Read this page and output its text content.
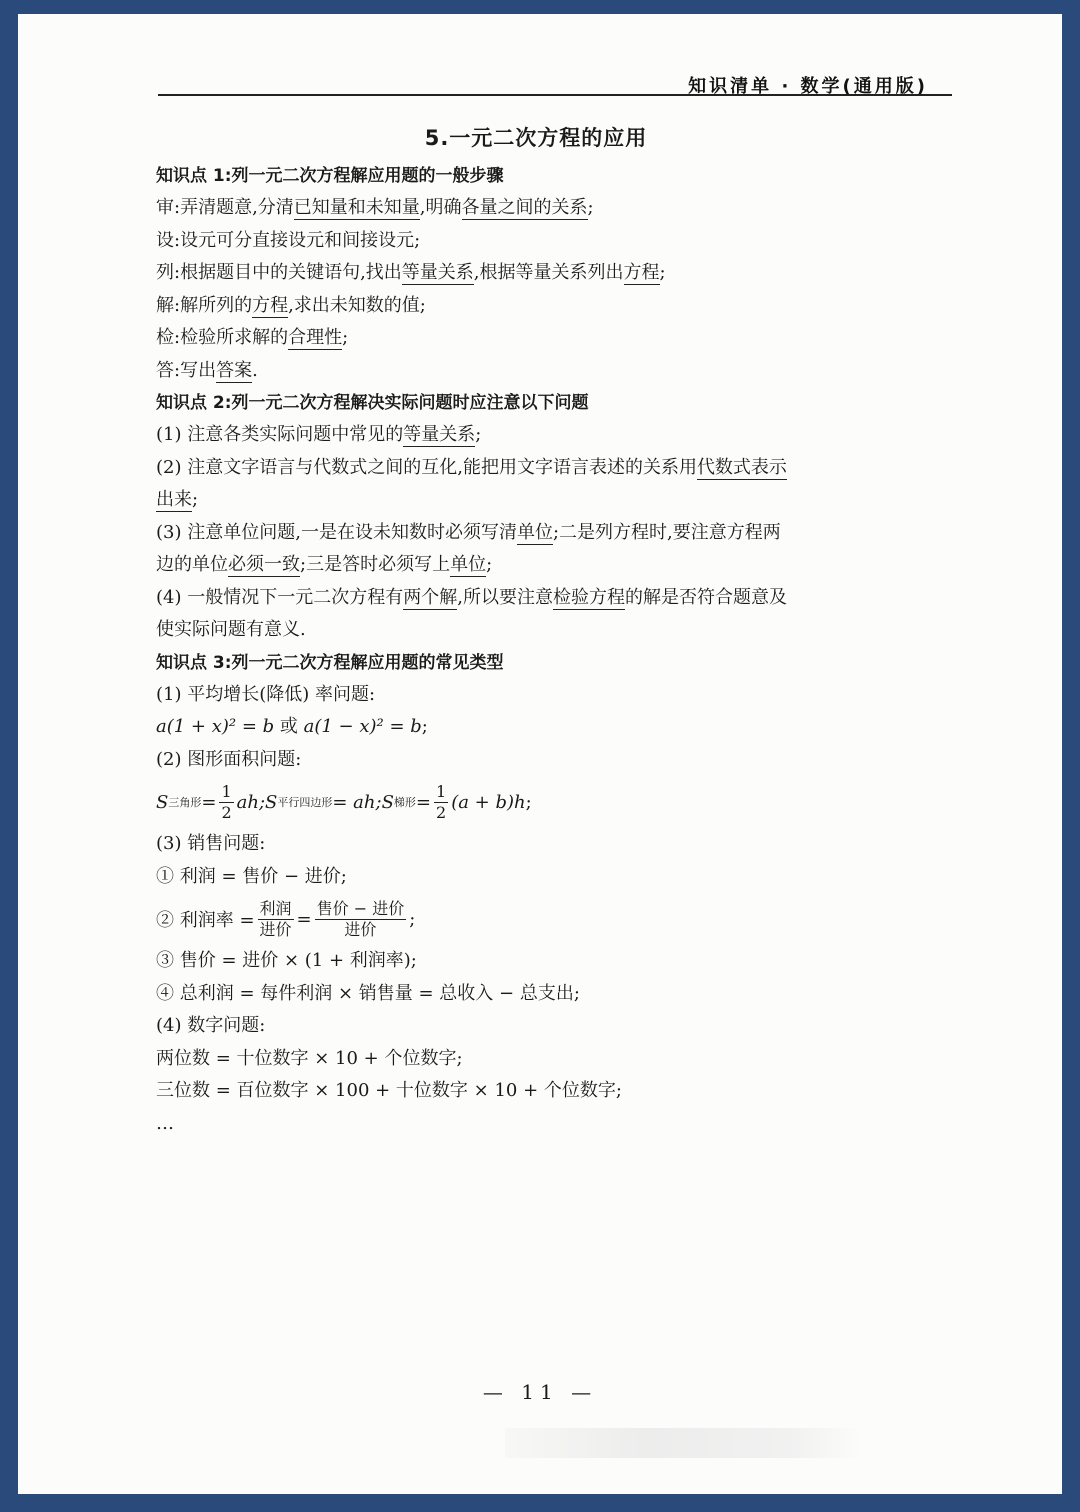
知识清单 · 数学(通用版)
5.一元二次方程的应用
知识点 1:列一元二次方程解应用题的一般步骤
审:弄清题意,分清已知量和未知量,明确各量之间的关系;
设:设元可分直接设元和间接设元;
列:根据题目中的关键语句,找出等量关系,根据等量关系列出方程;
解:解所列的方程,求出未知数的值;
检:检验所求解的合理性;
答:写出答案.
知识点 2:列一元二次方程解决实际问题时应注意以下问题
(1) 注意各类实际问题中常见的等量关系;
(2) 注意文字语言与代数式之间的互化,能把用文字语言表述的关系用代数式表示
出来;
(3) 注意单位问题,一是在设未知数时必须写清单位;二是列方程时,要注意方程两
边的单位必须一致;三是答时必须写上单位;
(4) 一般情况下一元二次方程有两个解,所以要注意检验方程的解是否符合题意及
使实际问题有意义.
知识点 3:列一元二次方程解应用题的常见类型
(1) 平均增长(降低) 率问题:
a(1 + x)² = b 或 a(1 − x)² = b;
(2) 图形面积问题:
S 三角形 = $\frac{1}{2}$ ah ;S 平行四边形 = ah ;S 梯形 = $\frac{1}{2} (a + b)h$ ;
(3) 销售问题:
① 利润 = 售价 − 进价;
② 利润率 = $\frac{\text{利润}}{\text{进价}} = \frac{\text{售价 − 进价}}{\text{进价}}$ ;
③ 售价 = 进价 × (1 + 利润率);
④ 总利润 = 每件利润 × 销售量 = 总收入 − 总支出;
(4) 数字问题:
两位数 = 十位数字 × 10 + 个位数字;
三位数 = 百位数字 × 100 + 十位数字 × 10 + 个位数字;
…
— 11 —
